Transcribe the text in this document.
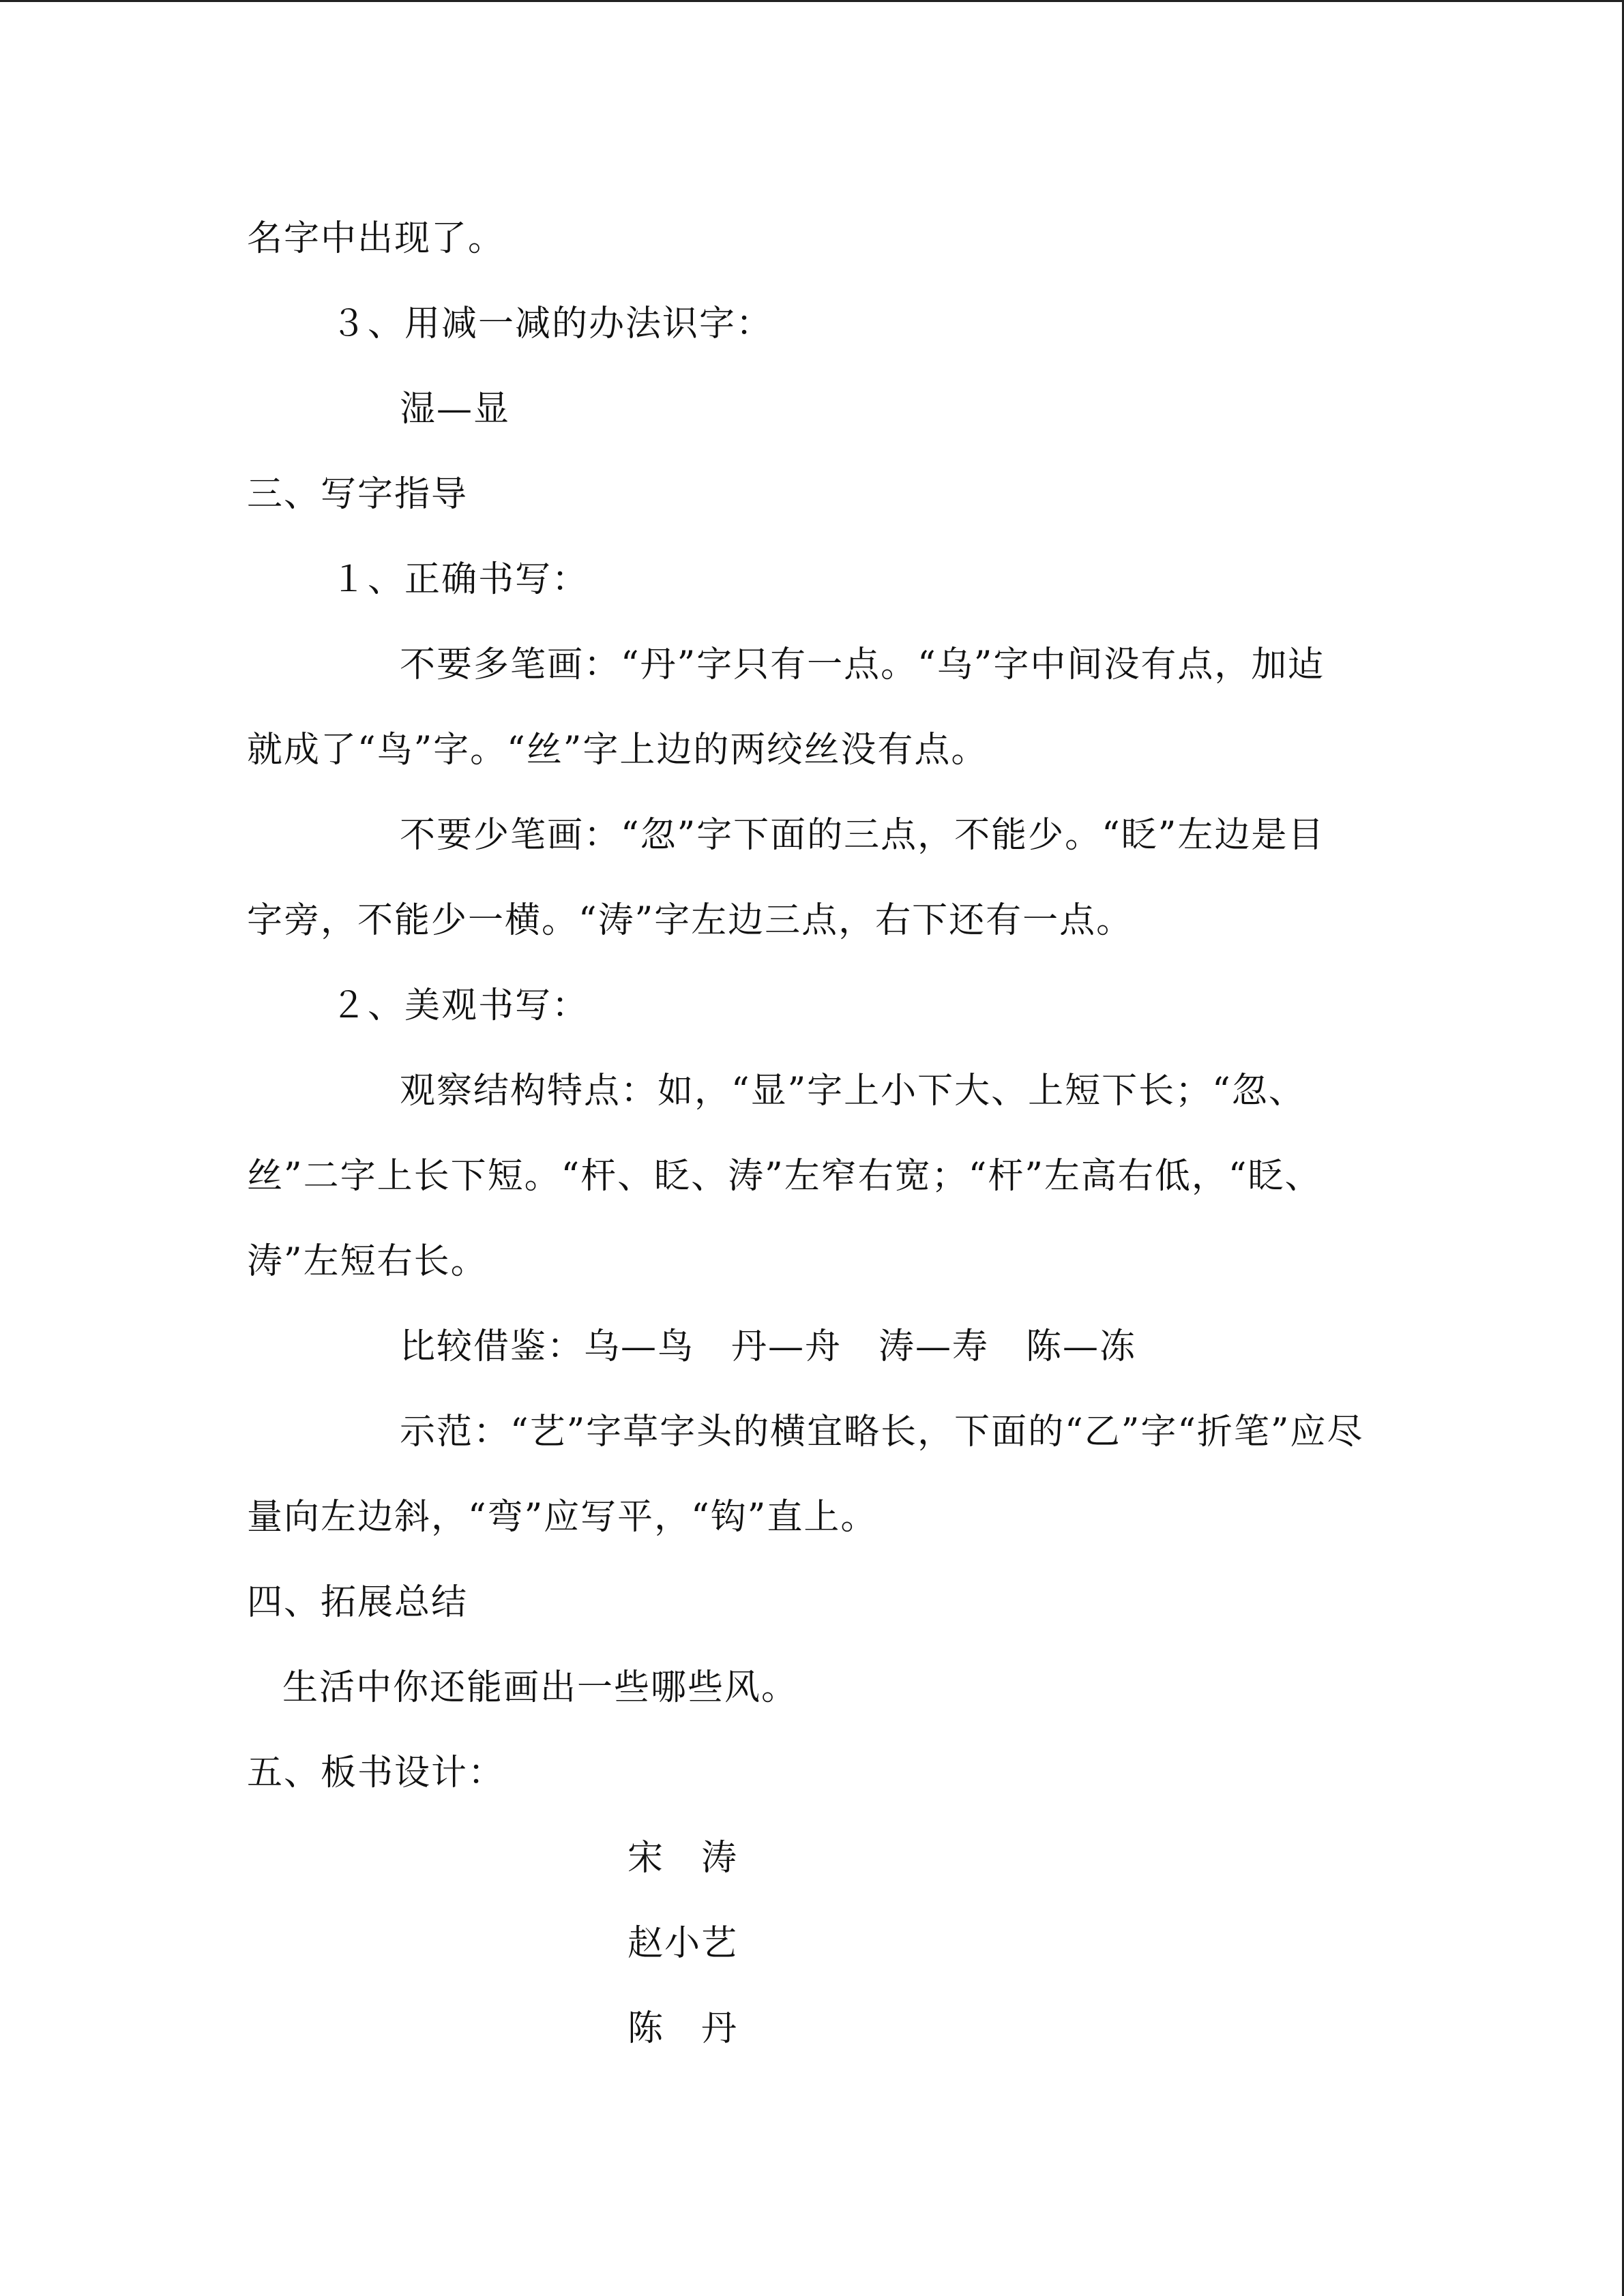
名字中出现了。
３、用减一减的办法识字：
湿—显
三、写字指导
１、正确书写：
不要多笔画：“丹”字只有一点。“乌”字中间没有点，加迠
就成了“鸟”字。“丝”字上边的两绞丝没有点。
不要少笔画：“忽”字下面的三点，不能少。“眨”左边是目
字旁，不能少一横。“涛”字左边三点，右下还有一点。
２、美观书写：
观察结构特点：如，“显”字上小下大、上短下长；“忽、
丝”二字上长下短。“杆、眨、涛”左窄右宽；“杆”左高右低，“眨、
涛”左短右长。
比较借鉴：乌—鸟　丹—舟　涛—寿　陈—冻
示范：“艺”字草字头的横宜略长，下面的“乙”字“折笔”应尽
量向左边斜，“弯”应写平，“钩”直上。
四、拓展总结
生活中你还能画出一些哪些风。
五、板书设计：
宋　涛
赵小艺
陈　丹
